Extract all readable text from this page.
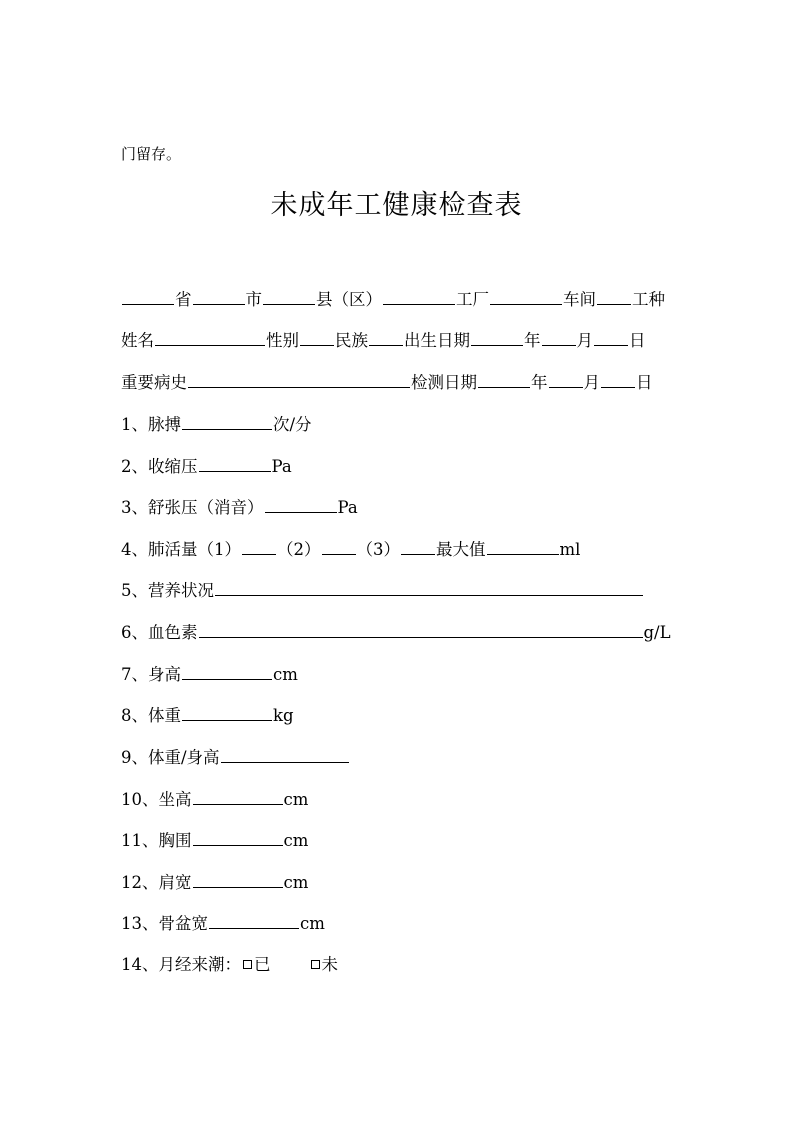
门留存。
未成年工健康检查表
省	市	县（区）	工厂	车间 工种
姓名	性别 民族 出生日期	年 月 日
重要病史	检测日期	年 月 日
1、脉搏	次/分
2、收缩压	Pa
3、舒张压（消音）	Pa
4、肺活量（1） （2） （3） 最大值	ml
5、营养状况
6、血色素	g/L
7、身高	cm
8、体重	kg
9、体重/身高
10、坐高	cm
11、胸围	cm
12、肩宽	cm
13、骨盆宽	cm
14、月经来潮： 已	未
